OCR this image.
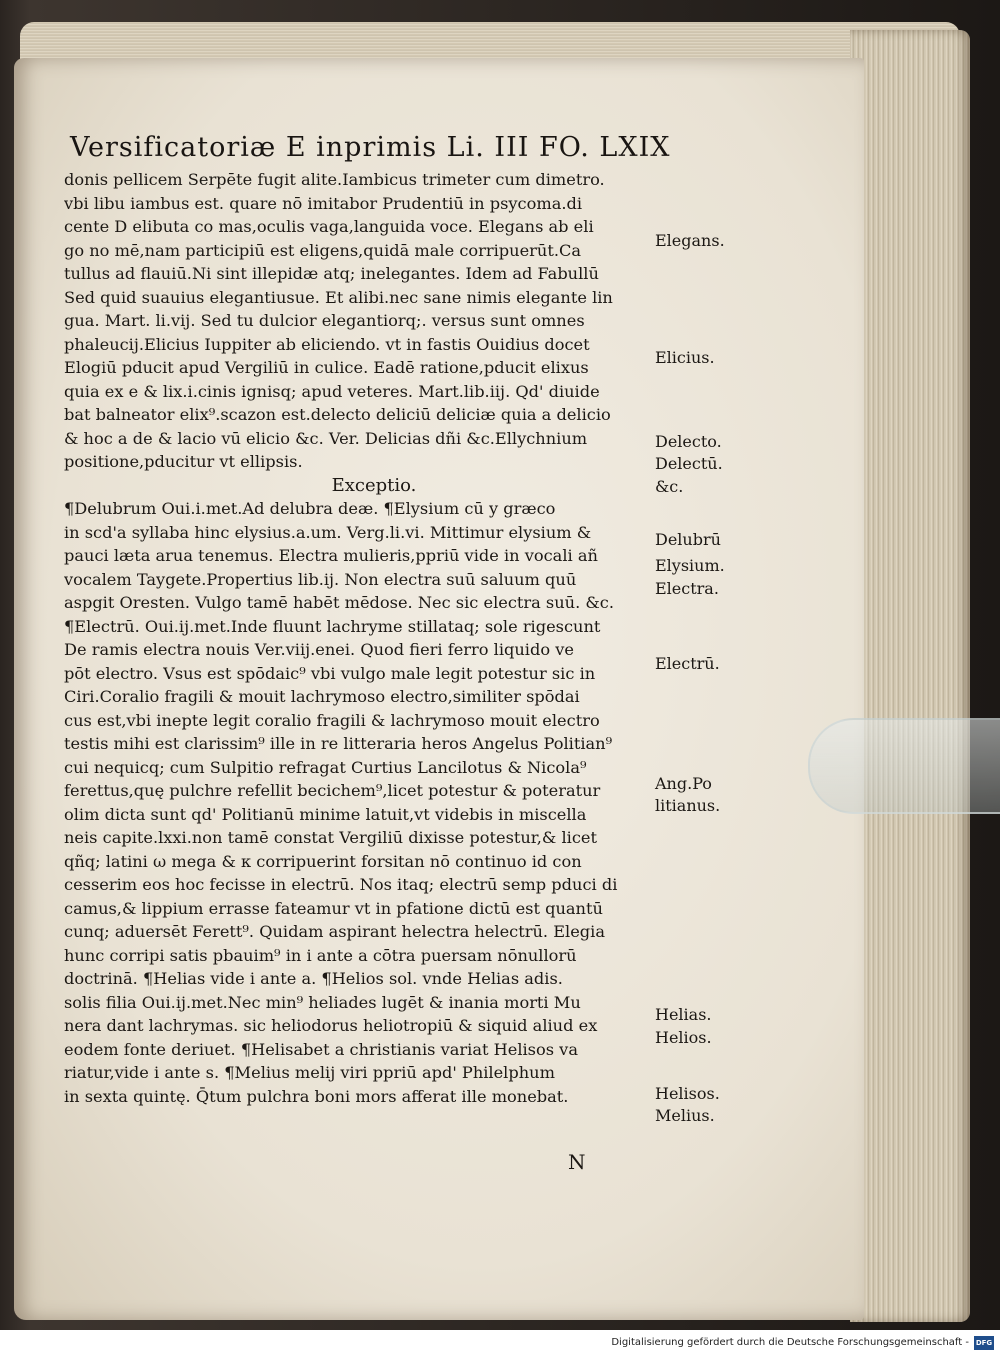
Versificatoriæ E inprimis Li. III FO. LXIX
donis pellicem Serpēte fugit alite.Iambicus trimeter cum dimetro.
vbi libu iambus est. quare nō imitabor Prudentiū in psycoma.di
cente D elibuta co mas,oculis vaga,languida voce. Elegans ab eli
go no mē,nam participiū est eligens,quidā male corripuerūt.Ca
tullus ad flauiū.Ni sint illepidæ atq; inelegantes. Idem ad Fabullū
Sed quid suauius elegantiusue. Et alibi.nec sane nimis elegante lin
gua. Mart. li.vij. Sed tu dulcior elegantiorq;. versus sunt omnes
phaleucij.Elicius Iuppiter ab eliciendo. vt in fastis Ouidius docet
Elogiū pducit apud Vergiliū in culice. Eadē ratione,pducit elixus
quia ex e & lix.i.cinis ignisq; apud veteres. Mart.lib.iij. Qd' diuide
bat balneator elix⁹.scazon est.delecto deliciū deliciæ quia a delicio
& hoc a de & lacio vū elicio &c. Ver. Delicias dñi &c.Ellychnium
positione,pducitur vt ellipsis.
Exceptio.
¶Delubrum Oui.i.met.Ad delubra deæ. ¶Elysium cū y græco
in scd'a syllaba hinc elysius.a.um. Verg.li.vi. Mittimur elysium &
pauci læta arua tenemus. Electra mulieris,ppriū vide in vocali añ
vocalem Taygete.Propertius lib.ij. Non electra suū saluum quū
aspgit Oresten. Vulgo tamē habēt mēdose. Nec sic electra suū. &c.
¶Electrū. Oui.ij.met.Inde fluunt lachryme stillataq; sole rigescunt
De ramis electra nouis Ver.viij.enei. Quod fieri ferro liquido ve
pōt electro. Vsus est spōdaic⁹ vbi vulgo male legit potestur sic in
Ciri.Coralio fragili & mouit lachrymoso electro,similiter spōdai
cus est,vbi inepte legit coralio fragili & lachrymoso mouit electro
testis mihi est clarissim⁹ ille in re litteraria heros Angelus Politian⁹
cui nequicq; cum Sulpitio refragat Curtius Lancilotus & Nicola⁹
ferettus,quę pulchre refellit becichem⁹,licet potestur & poteratur
olim dicta sunt qd' Politianū minime latuit,vt videbis in miscella
neis capite.lxxi.non tamē constat Vergiliū dixisse potestur,& licet
qñq; latini ω mega & κ corripuerint forsitan nō continuo id con
cesserim eos hoc fecisse in electrū. Nos itaq; electrū semp pduci di
camus,& lippium errasse fateamur vt in pfatione dictū est quantū
cunq; aduersēt Ferett⁹. Quidam aspirant helectra helectrū. Elegia
hunc corripi satis pbauim⁹ in i ante a cōtra puersam nōnullorū
doctrinā. ¶Helias vide i ante a. ¶Helios sol. vnde Helias adis.
solis filia Oui.ij.met.Nec min⁹ heliades lugēt & inania morti Mu
nera dant lachrymas. sic heliodorus heliotropiū & siquid aliud ex
eodem fonte deriuet. ¶Helisabet a christianis variat Helisos va
riatur,vide i ante s. ¶Melius melij viri ppriū apd' Philelphum
in sexta quintę. Q̄tum pulchra boni mors afferat ille monebat.
Elegans.
Elicius.
Delecto.
Delectū.
&c.
Delubrū
Elysium.
Electra.
Electrū.
Ang.Po
litianus.
Helias.
Helios.
Helisos.
Melius.
N
Digitalisierung gefördert durch die Deutsche Forschungsgemeinschaft - DFG
